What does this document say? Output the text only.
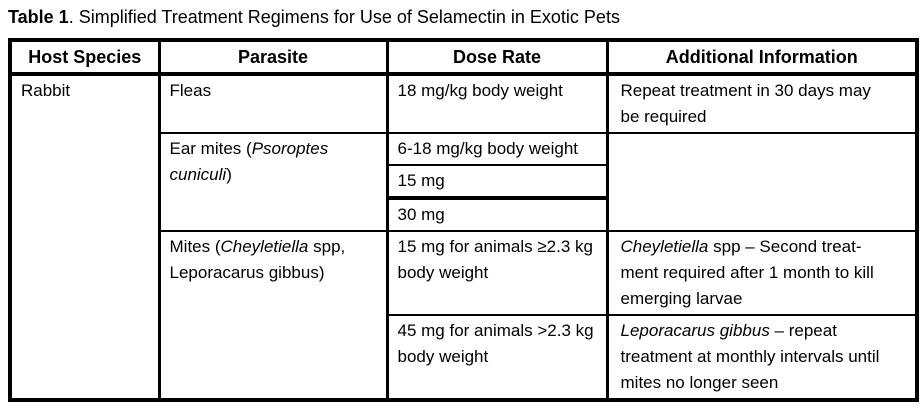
Table 1. Simplified Treatment Regimens for Use of Selamectin in Exotic Pets
Host Species	Parasite	Dose Rate	Additional Information
Rabbit	Fleas	18 mg/kg body weight	Repeat treatment in 30 days may be required
	Ear mites (Psoroptes cuniculi)	6-18 mg/kg body weight	
		15 mg	
		30 mg	
	Mites (Cheyletiella spp, Leporacarus gibbus)	15 mg for animals ≥2.3 kg body weight	Cheyletiella spp – Second treatment required after 1 month to kill emerging larvae
		45 mg for animals >2.3 kg body weight	Leporacarus gibbus – repeat treatment at monthly intervals until mites no longer seen
